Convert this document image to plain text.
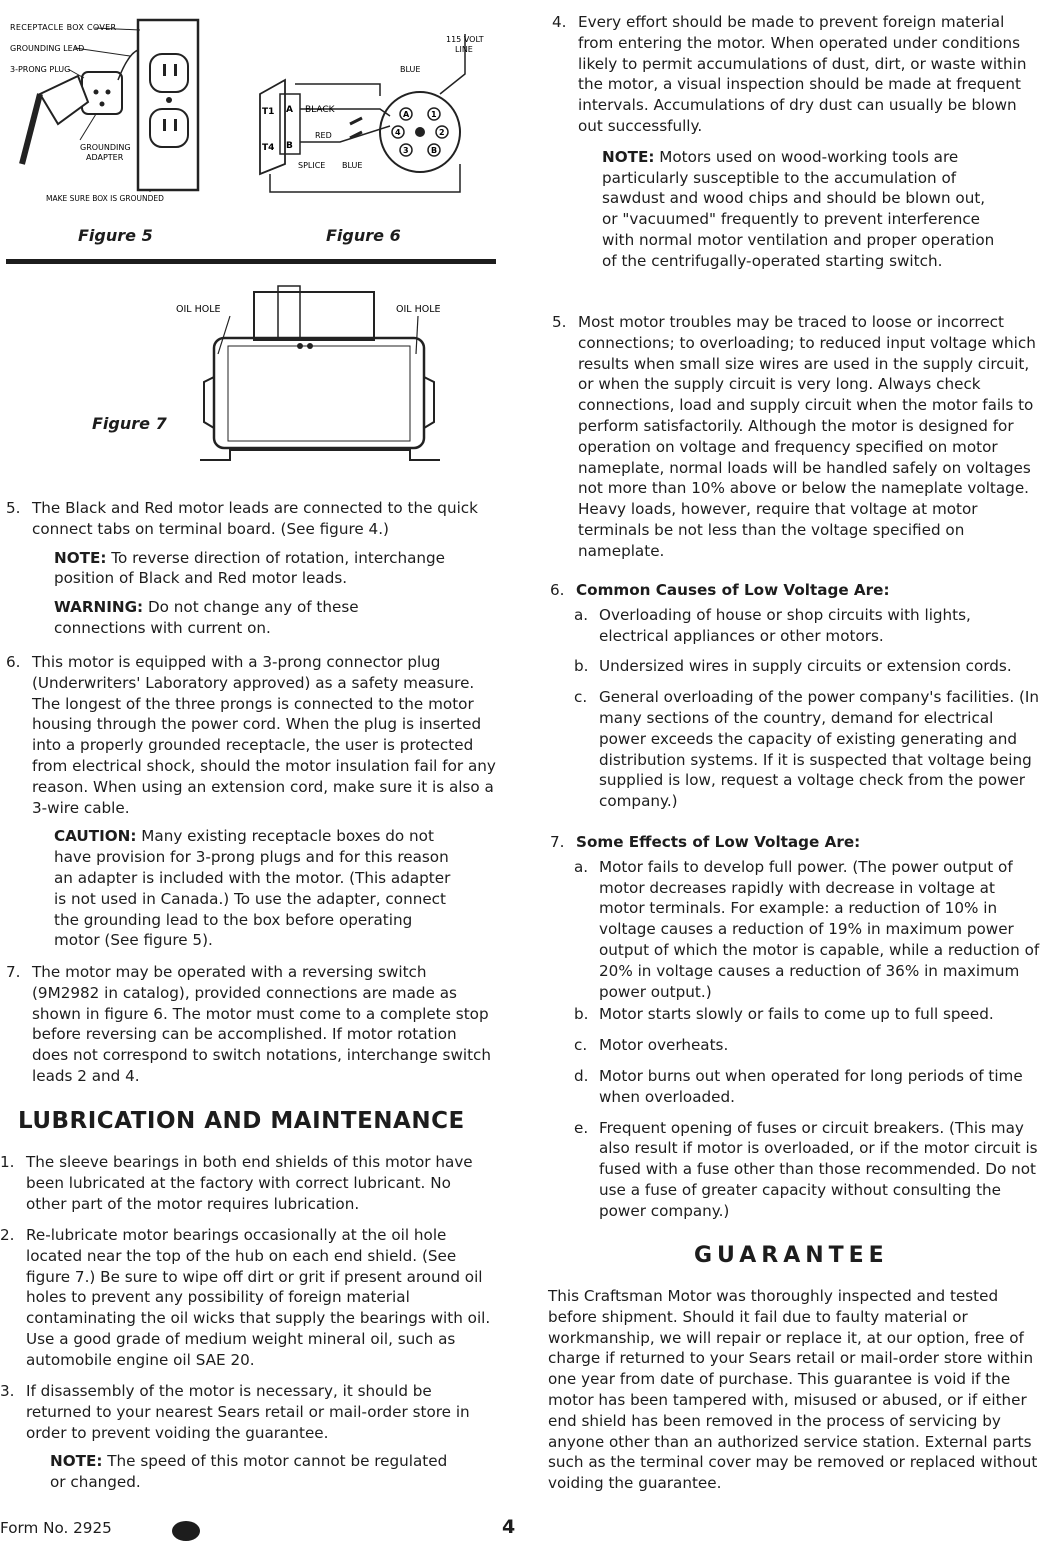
RECEPTACLE BOX COVER
GROUNDING LEAD
3-PRONG PLUG
GROUNDING
ADAPTER
MAKE SURE BOX IS GROUNDED
Figure 5
115 VOLT
LINE
BLUE
BLACK
RED
SPLICE BLUE
T1
T4
A
B
A
B
1
2
3
4
Figure 6
OIL HOLE	OIL HOLE
Figure 7
5. The Black and Red motor leads are connected to the quick connect tabs on terminal board. (See figure 4.)
NOTE: To reverse direction of rotation, interchange position of Black and Red motor leads.
WARNING: Do not change any of these connections with current on.
6. This motor is equipped with a 3-prong connector plug (Underwriters' Laboratory approved) as a safety measure. The longest of the three prongs is connected to the motor housing through the power cord. When the plug is inserted into a properly grounded receptacle, the user is protected from electrical shock, should the motor insulation fail for any reason. When using an extension cord, make sure it is also a 3-wire cable.
CAUTION: Many existing receptacle boxes do not have provision for 3-prong plugs and for this reason an adapter is included with the motor. (This adapter is not used in Canada.) To use the adapter, connect the grounding lead to the box before operating motor (See figure 5).
7. The motor may be operated with a reversing switch (9M2982 in catalog), provided connections are made as shown in figure 6. The motor must come to a complete stop before reversing can be accomplished. If motor rotation does not correspond to switch notations, interchange switch leads 2 and 4.
LUBRICATION AND MAINTENANCE
1. The sleeve bearings in both end shields of this motor have been lubricated at the factory with correct lubricant. No other part of the motor requires lubrication.
2. Re-lubricate motor bearings occasionally at the oil hole located near the top of the hub on each end shield. (See figure 7.) Be sure to wipe off dirt or grit if present around oil holes to prevent any possibility of foreign material contaminating the oil wicks that supply the bearings with oil. Use a good grade of medium weight mineral oil, such as automobile engine oil SAE 20.
3. If disassembly of the motor is necessary, it should be returned to your nearest Sears retail or mail-order store in order to prevent voiding the guarantee.
NOTE: The speed of this motor cannot be regulated or changed.
Form No. 2925	4
4. Every effort should be made to prevent foreign material from entering the motor. When operated under conditions likely to permit accumulations of dust, dirt, or waste within the motor, a visual inspection should be made at frequent intervals. Accumulations of dry dust can usually be blown out successfully.
NOTE: Motors used on wood-working tools are particularly susceptible to the accumulation of sawdust and wood chips and should be blown out, or "vacuumed" frequently to prevent interference with normal motor ventilation and proper operation of the centrifugally-operated starting switch.
5. Most motor troubles may be traced to loose or incorrect connections; to overloading; to reduced input voltage which results when small size wires are used in the supply circuit, or when the supply circuit is very long. Always check connections, load and supply circuit when the motor fails to perform satisfactorily. Although the motor is designed for operation on voltage and frequency specified on motor nameplate, normal loads will be handled safely on voltages not more than 10% above or below the nameplate voltage. Heavy loads, however, require that voltage at motor terminals be not less than the voltage specified on nameplate.
6. Common Causes of Low Voltage Are:
a. Overloading of house or shop circuits with lights, electrical appliances or other motors.
b. Undersized wires in supply circuits or extension cords.
c. General overloading of the power company's facilities. (In many sections of the country, demand for electrical power exceeds the capacity of existing generating and distribution systems. If it is suspected that voltage being supplied is low, request a voltage check from the power company.)
7. Some Effects of Low Voltage Are:
a. Motor fails to develop full power. (The power output of motor decreases rapidly with decrease in voltage at motor terminals. For example: a reduction of 10% in voltage causes a reduction of 19% in maximum power output of which the motor is capable, while a reduction of 20% in voltage causes a reduction of 36% in maximum power output.)
b. Motor starts slowly or fails to come up to full speed.
c. Motor overheats.
d. Motor burns out when operated for long periods of time when overloaded.
e. Frequent opening of fuses or circuit breakers. (This may also result if motor is overloaded, or if the motor circuit is fused with a fuse other than those recommended. Do not use a fuse of greater capacity without consulting the power company.)
GUARANTEE
This Craftsman Motor was thoroughly inspected and tested before shipment. Should it fail due to faulty material or workmanship, we will repair or replace it, at our option, free of charge if returned to your Sears retail or mail-order store within one year from date of purchase. This guarantee is void if the motor has been tampered with, misused or abused, or if either end shield has been removed in the process of servicing by anyone other than an authorized service station. External parts such as the terminal cover may be removed or replaced without voiding the guarantee.
